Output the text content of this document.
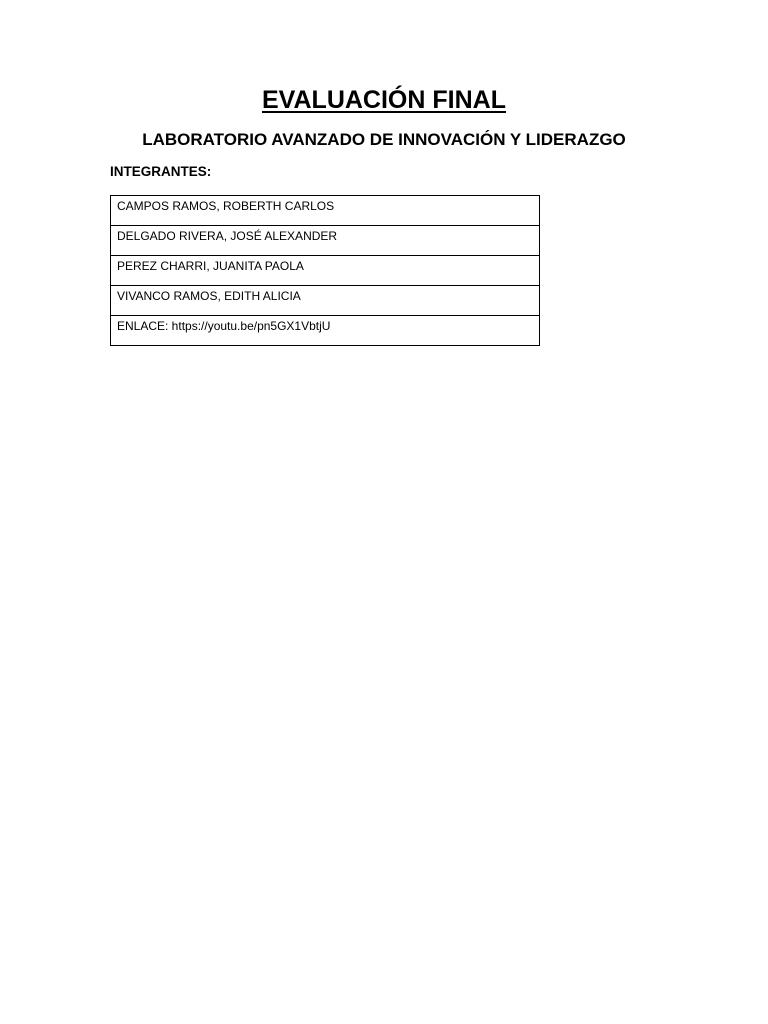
EVALUACIÓN FINAL
LABORATORIO AVANZADO DE INNOVACIÓN Y LIDERAZGO

INTEGRANTES:

CAMPOS RAMOS, ROBERTH CARLOS
DELGADO RIVERA, JOSÉ ALEXANDER
PEREZ CHARRI, JUANITA PAOLA
VIVANCO RAMOS, EDITH ALICIA
ENLACE: https://youtu.be/pn5GX1VbtjU
